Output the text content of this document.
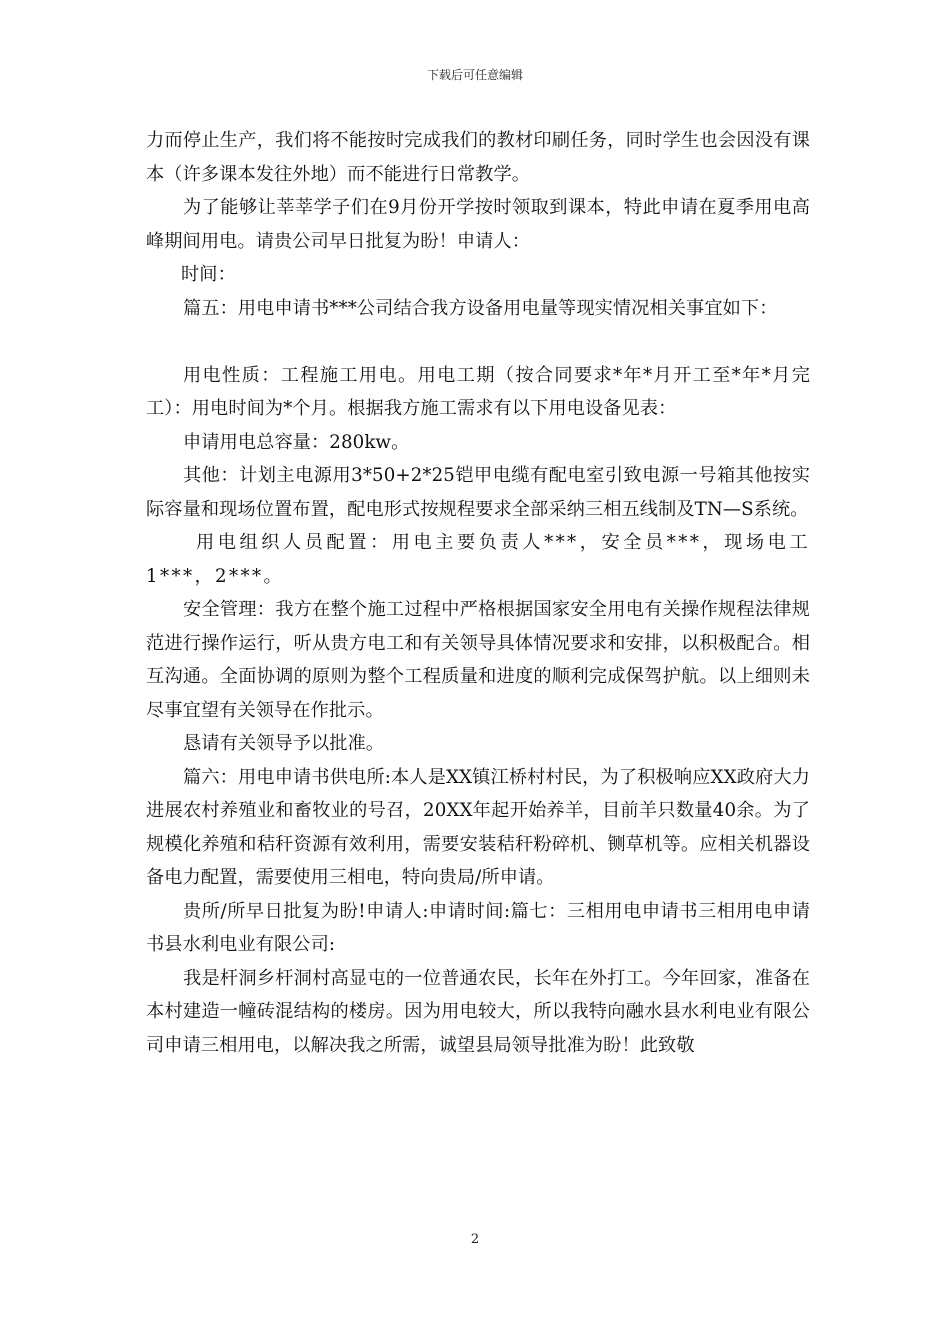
下载后可任意编辑

力而停止生产，我们将不能按时完成我们的教材印刷任务，同时学生也会因没有课本（许多课本发往外地）而不能进行日常教学。

为了能够让莘莘学子们在9月份开学按时领取到课本，特此申请在夏季用电高峰期间用电。请贵公司早日批复为盼！申请人：

时间：

篇五：用电申请书***公司结合我方设备用电量等现实情况相关事宜如下：

用电性质：工程施工用电。用电工期（按合同要求*年*月开工至*年*月完工）：用电时间为*个月。根据我方施工需求有以下用电设备见表：

申请用电总容量：280kw。

其他：计划主电源用3*50+2*25铠甲电缆有配电室引致电源一号箱其他按实际容量和现场位置布置，配电形式按规程要求全部采纳三相五线制及TN—S系统。

用电组织人员配置：用电主要负责人***，安全员***，现场电工1***，2***。

安全管理：我方在整个施工过程中严格根据国家安全用电有关操作规程法律规范进行操作运行，听从贵方电工和有关领导具体情况要求和安排，以积极配合。相互沟通。全面协调的原则为整个工程质量和进度的顺利完成保驾护航。以上细则未尽事宜望有关领导在作批示。

恳请有关领导予以批准。

篇六：用电申请书供电所:本人是XX镇江桥村村民，为了积极响应XX政府大力进展农村养殖业和畜牧业的号召，20XX年起开始养羊，目前羊只数量40余。为了规模化养殖和秸秆资源有效利用，需要安装秸秆粉碎机、铡草机等。应相关机器设备电力配置，需要使用三相电，特向贵局/所申请。

贵所/所早日批复为盼!申请人:申请时间:篇七：三相用电申请书三相用电申请书县水利电业有限公司:

我是杆洞乡杆洞村高显屯的一位普通农民，长年在外打工。今年回家，准备在本村建造一幢砖混结构的楼房。因为用电较大，所以我特向融水县水利电业有限公司申请三相用电，以解决我之所需，诚望县局领导批准为盼！此致敬

2
